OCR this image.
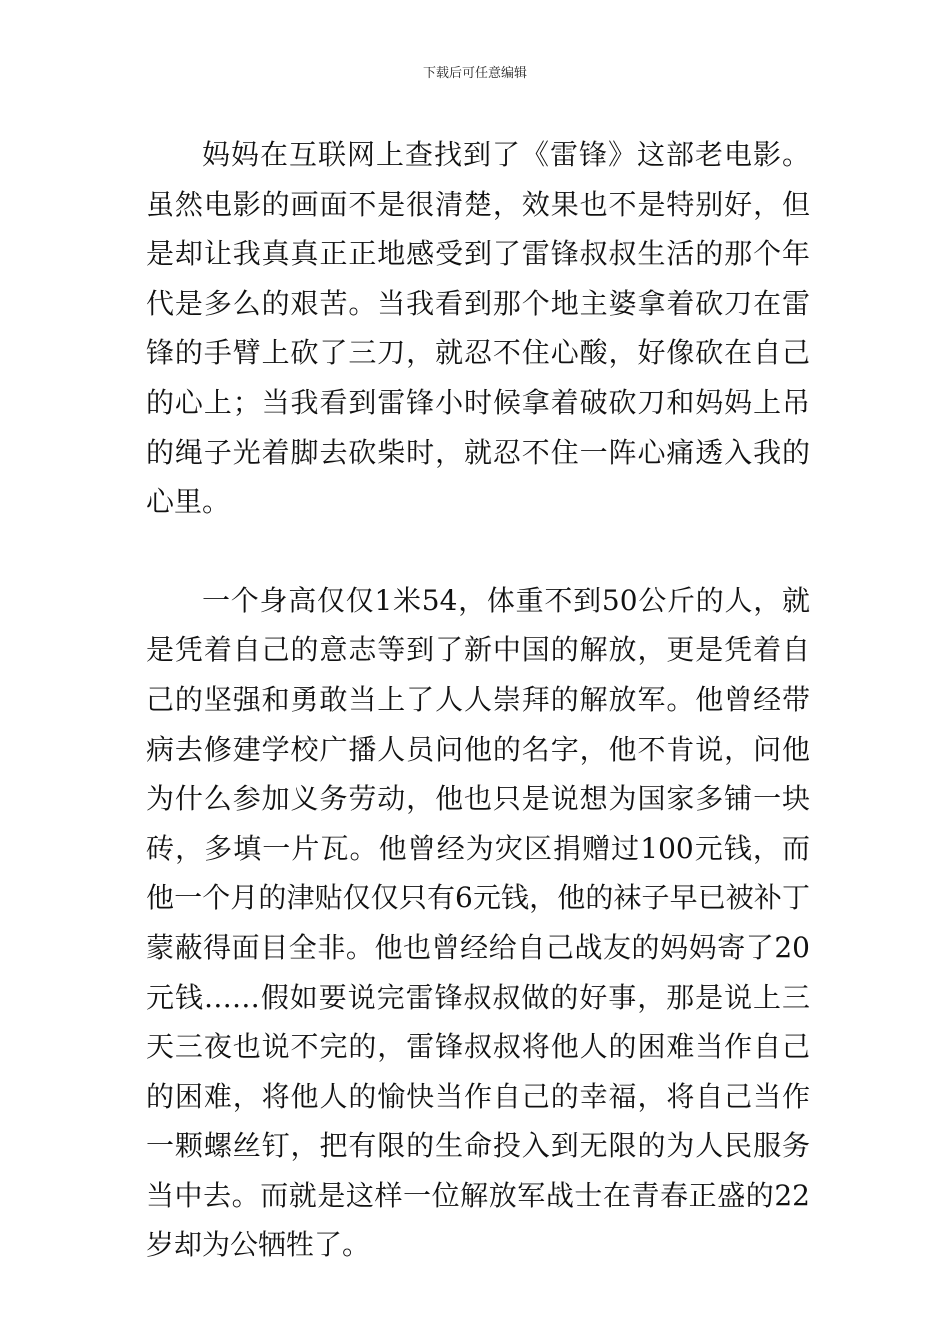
下载后可任意编辑

妈妈在互联网上查找到了《雷锋》这部老电影。虽然电影的画面不是很清楚，效果也不是特别好，但是却让我真真正正地感受到了雷锋叔叔生活的那个年代是多么的艰苦。当我看到那个地主婆拿着砍刀在雷锋的手臂上砍了三刀，就忍不住心酸，好像砍在自己的心上；当我看到雷锋小时候拿着破砍刀和妈妈上吊的绳子光着脚去砍柴时，就忍不住一阵心痛透入我的心里。

一个身高仅仅1米54，体重不到50公斤的人，就是凭着自己的意志等到了新中国的解放，更是凭着自己的坚强和勇敢当上了人人崇拜的解放军。他曾经带病去修建学校广播人员问他的名字，他不肯说，问他为什么参加义务劳动，他也只是说想为国家多铺一块砖，多填一片瓦。他曾经为灾区捐赠过100元钱，而他一个月的津贴仅仅只有6元钱，他的袜子早已被补丁蒙蔽得面目全非。他也曾经给自己战友的妈妈寄了20元钱……假如要说完雷锋叔叔做的好事，那是说上三天三夜也说不完的，雷锋叔叔将他人的困难当作自己的困难，将他人的愉快当作自己的幸福，将自己当作一颗螺丝钉，把有限的生命投入到无限的为人民服务当中去。而就是这样一位解放军战士在青春正盛的22岁却为公牺牲了。
